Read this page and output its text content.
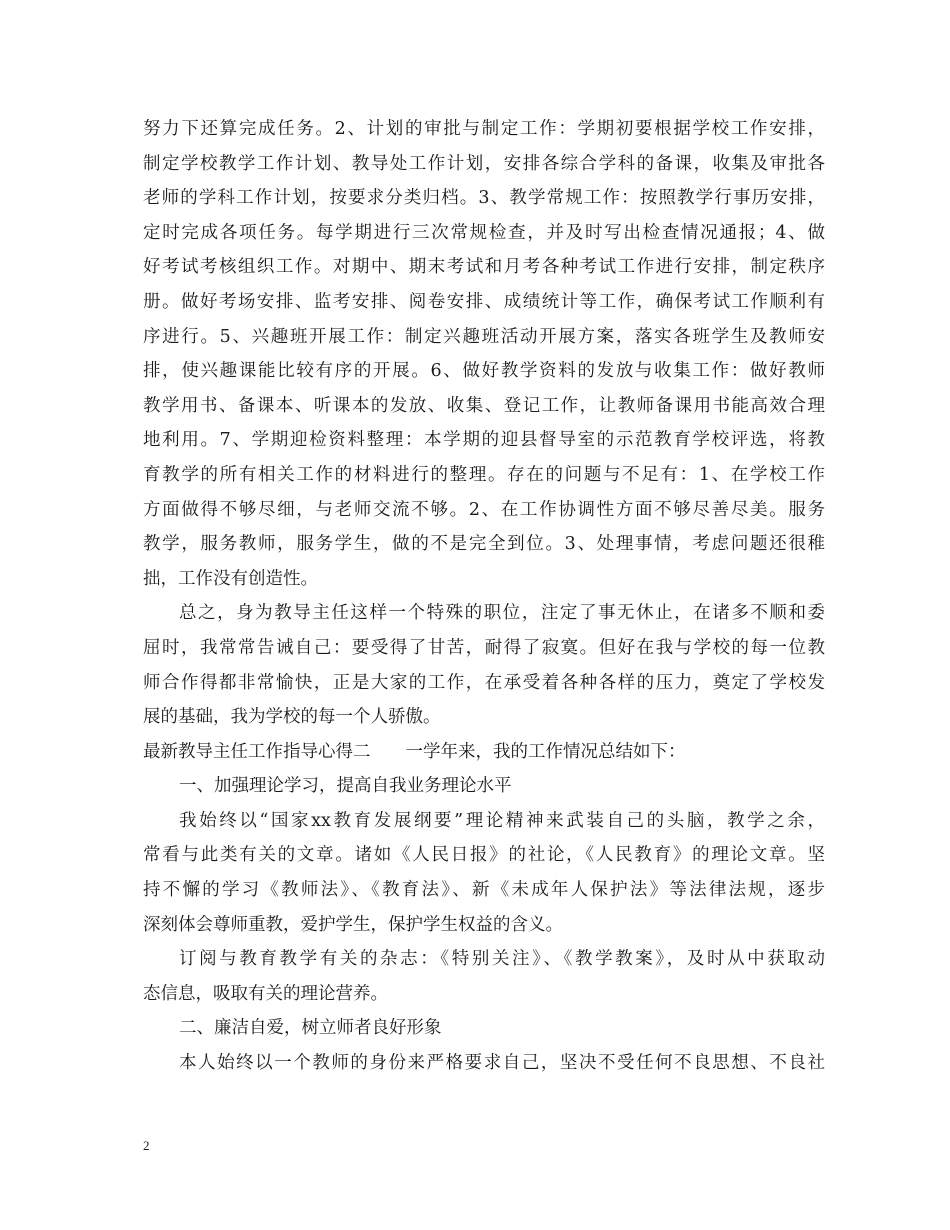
努力下还算完成任务。2、计划的审批与制定工作：学期初要根据学校工作安排，
制定学校教学工作计划、教导处工作计划，安排各综合学科的备课，收集及审批各
老师的学科工作计划，按要求分类归档。3、教学常规工作：按照教学行事历安排，
定时完成各项任务。每学期进行三次常规检查，并及时写出检查情况通报；4、做
好考试考核组织工作。对期中、期末考试和月考各种考试工作进行安排，制定秩序
册。做好考场安排、监考安排、阅卷安排、成绩统计等工作，确保考试工作顺利有
序进行。5、兴趣班开展工作：制定兴趣班活动开展方案，落实各班学生及教师安
排，使兴趣课能比较有序的开展。6、做好教学资料的发放与收集工作：做好教师
教学用书、备课本、听课本的发放、收集、登记工作，让教师备课用书能高效合理
地利用。7、学期迎检资料整理：本学期的迎县督导室的示范教育学校评选，将教
育教学的所有相关工作的材料进行的整理。存在的问题与不足有：1、在学校工作
方面做得不够尽细，与老师交流不够。2、在工作协调性方面不够尽善尽美。服务
教学，服务教师，服务学生，做的不是完全到位。3、处理事情，考虑问题还很稚
拙，工作没有创造性。
总之，身为教导主任这样一个特殊的职位，注定了事无休止，在诸多不顺和委
屈时，我常常告诫自己：要受得了甘苦，耐得了寂寞。但好在我与学校的每一位教
师合作得都非常愉快，正是大家的工作，在承受着各种各样的压力，奠定了学校发
展的基础，我为学校的每一个人骄傲。
最新教导主任工作指导心得二　　一学年来，我的工作情况总结如下：
一、加强理论学习，提高自我业务理论水平
我始终以“国家xx教育发展纲要”理论精神来武装自己的头脑，教学之余，
常看与此类有关的文章。诸如《人民日报》的社论，《人民教育》的理论文章。坚
持不懈的学习《教师法》、《教育法》、新《未成年人保护法》等法律法规，逐步
深刻体会尊师重教，爱护学生，保护学生权益的含义。
订阅与教育教学有关的杂志：《特别关注》、《教学教案》，及时从中获取动
态信息，吸取有关的理论营养。
二、廉洁自爱，树立师者良好形象
本人始终以一个教师的身份来严格要求自己，坚决不受任何不良思想、不良社
2
